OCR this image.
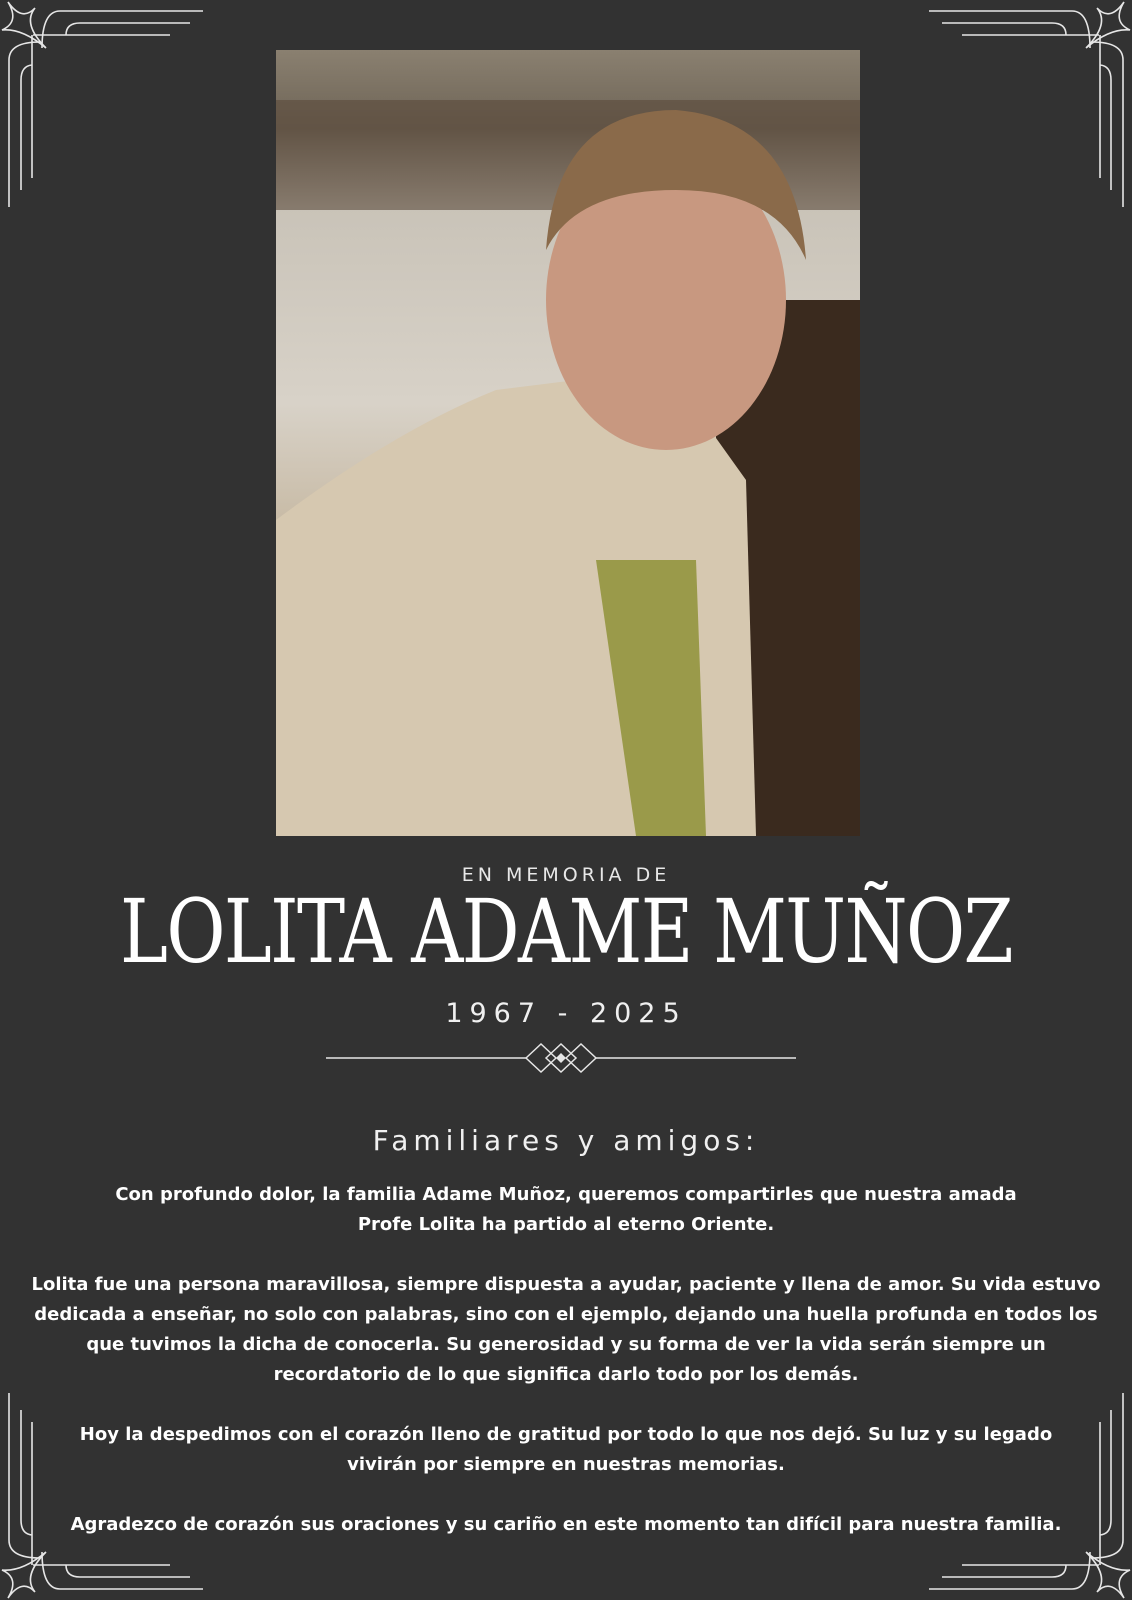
EN MEMORIA DE
LOLITA ADAME MUÑOZ
1967 - 2025
Familiares y amigos:

Con profundo dolor, la familia Adame Muñoz, queremos compartirles que nuestra amada Profe Lolita ha partido al eterno Oriente.

Lolita fue una persona maravillosa, siempre dispuesta a ayudar, paciente y llena de amor. Su vida estuvo dedicada a enseñar, no solo con palabras, sino con el ejemplo, dejando una huella profunda en todos los que tuvimos la dicha de conocerla. Su generosidad y su forma de ver la vida serán siempre un recordatorio de lo que significa darlo todo por los demás.

Hoy la despedimos con el corazón lleno de gratitud por todo lo que nos dejó. Su luz y su legado vivirán por siempre en nuestras memorias.

Agradezco de corazón sus oraciones y su cariño en este momento tan difícil para nuestra familia.
